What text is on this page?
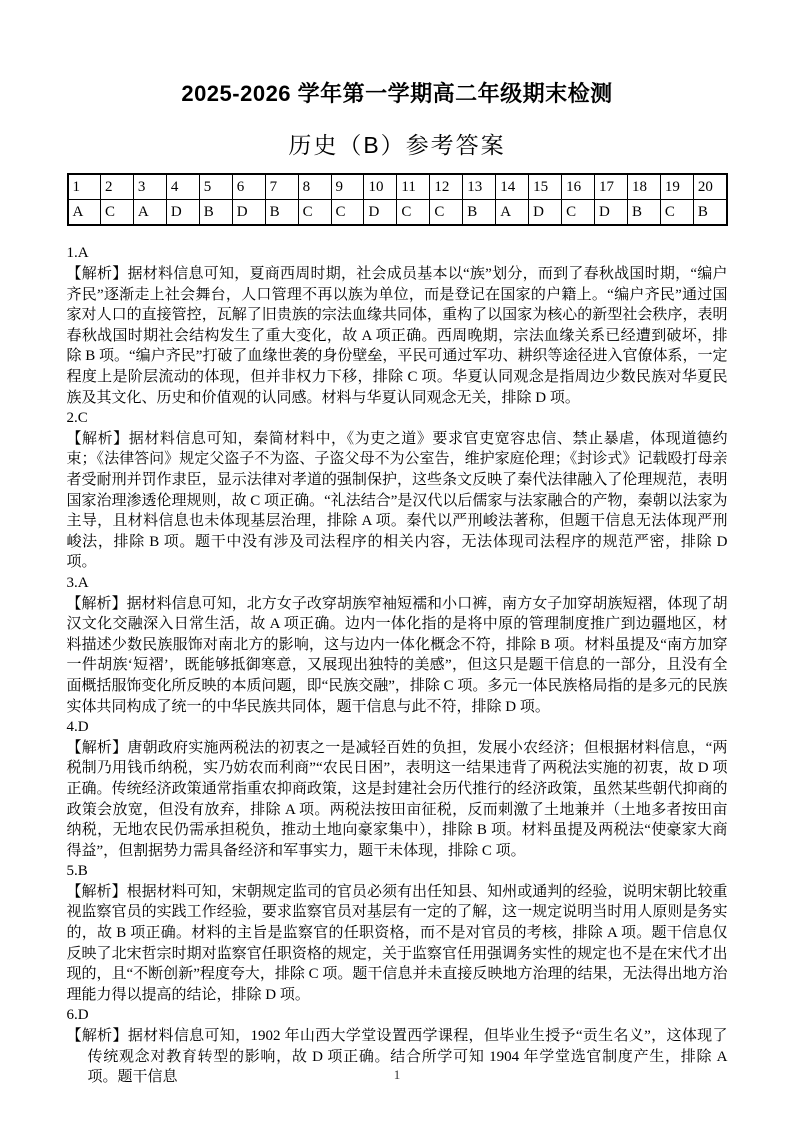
2025-2026 学年第一学期高二年级期末检测
历史（B）参考答案
1	2	3	4	5	6	7	8	9	10	11	12	13	14	15	16	17	18	19	20
A	C	A	D	B	D	B	C	C	D	C	C	B	A	D	C	D	B	C	B
1.A
【解析】据材料信息可知，夏商西周时期，社会成员基本以“族”划分，而到了春秋战国时期，“编户齐民”逐渐走上社会舞台，人口管理不再以族为单位，而是登记在国家的户籍上。“编户齐民”通过国家对人口的直接管控，瓦解了旧贵族的宗法血缘共同体，重构了以国家为核心的新型社会秩序，表明春秋战国时期社会结构发生了重大变化，故 A 项正确。西周晚期，宗法血缘关系已经遭到破坏，排除 B 项。“编户齐民”打破了血缘世袭的身份壁垒，平民可通过军功、耕织等途径进入官僚体系，一定程度上是阶层流动的体现，但并非权力下移，排除 C 项。华夏认同观念是指周边少数民族对华夏民族及其文化、历史和价值观的认同感。材料与华夏认同观念无关，排除 D 项。
2.C
【解析】据材料信息可知，秦简材料中，《为吏之道》要求官吏宽容忠信、禁止暴虐，体现道德约束；《法律答问》规定父盗子不为盗、子盗父母不为公室告，维护家庭伦理；《封诊式》记载殴打母亲者受耐刑并罚作隶臣，显示法律对孝道的强制保护，这些条文反映了秦代法律融入了伦理规范，表明国家治理渗透伦理规则，故 C 项正确。“礼法结合”是汉代以后儒家与法家融合的产物，秦朝以法家为主导，且材料信息也未体现基层治理，排除 A 项。秦代以严刑峻法著称，但题干信息无法体现严刑峻法，排除 B 项。题干中没有涉及司法程序的相关内容，无法体现司法程序的规范严密，排除 D 项。
3.A
【解析】据材料信息可知，北方女子改穿胡族窄袖短襦和小口裤，南方女子加穿胡族短褶，体现了胡汉文化交融深入日常生活，故 A 项正确。边内一体化指的是将中原的管理制度推广到边疆地区，材料描述少数民族服饰对南北方的影响，这与边内一体化概念不符，排除 B 项。材料虽提及“南方加穿一件胡族‘短褶’，既能够抵御寒意，又展现出独特的美感”，但这只是题干信息的一部分，且没有全面概括服饰变化所反映的本质问题，即“民族交融”，排除 C 项。多元一体民族格局指的是多元的民族实体共同构成了统一的中华民族共同体，题干信息与此不符，排除 D 项。
4.D
【解析】唐朝政府实施两税法的初衷之一是减轻百姓的负担，发展小农经济；但根据材料信息，“两税制乃用钱币纳税，实乃妨农而利商”“农民日困”，表明这一结果违背了两税法实施的初衷，故 D 项正确。传统经济政策通常指重农抑商政策，这是封建社会历代推行的经济政策，虽然某些朝代抑商的政策会放宽，但没有放弃，排除 A 项。两税法按田亩征税，反而刺激了土地兼并（土地多者按田亩纳税，无地农民仍需承担税负，推动土地向豪家集中），排除 B 项。材料虽提及两税法“使豪家大商得益”，但割据势力需具备经济和军事实力，题干未体现，排除 C 项。
5.B
【解析】根据材料可知，宋朝规定监司的官员必须有出任知县、知州或通判的经验，说明宋朝比较重视监察官员的实践工作经验，要求监察官员对基层有一定的了解，这一规定说明当时用人原则是务实的，故 B 项正确。材料的主旨是监察官的任职资格，而不是对官员的考核，排除 A 项。题干信息仅反映了北宋哲宗时期对监察官任职资格的规定，关于监察官任用强调务实性的规定也不是在宋代才出现的，且“不断创新”程度夸大，排除 C 项。题干信息并未直接反映地方治理的结果，无法得出地方治理能力得以提高的结论，排除 D 项。
6.D
【解析】据材料信息可知，1902 年山西大学堂设置西学课程，但毕业生授予“贡生名义”，这体现了传统观念对教育转型的影响，故 D 项正确。结合所学可知 1904 年学堂选官制度产生，排除 A 项。题干信息	1
